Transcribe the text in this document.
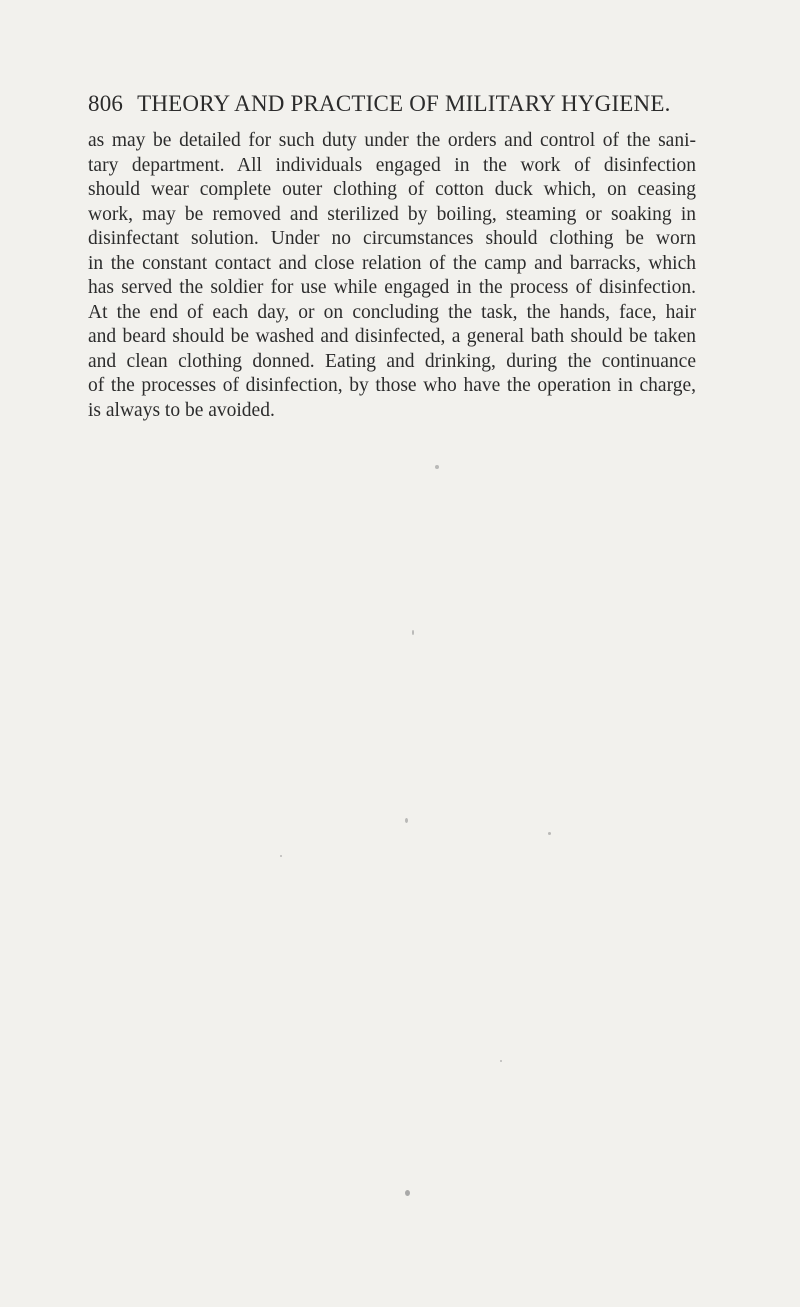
806 THEORY AND PRACTICE OF MILITARY HYGIENE.
as may be detailed for such duty under the orders and control of the sani-
tary department. All individuals engaged in the work of disinfection
should wear complete outer clothing of cotton duck which, on ceasing
work, may be removed and sterilized by boiling, steaming or soaking in
disinfectant solution. Under no circumstances should clothing be worn
in the constant contact and close relation of the camp and barracks, which
has served the soldier for use while engaged in the process of disinfection.
At the end of each day, or on concluding the task, the hands, face, hair
and beard should be washed and disinfected, a general bath should be taken
and clean clothing donned. Eating and drinking, during the continuance
of the processes of disinfection, by those who have the operation in charge,
is always to be avoided.
